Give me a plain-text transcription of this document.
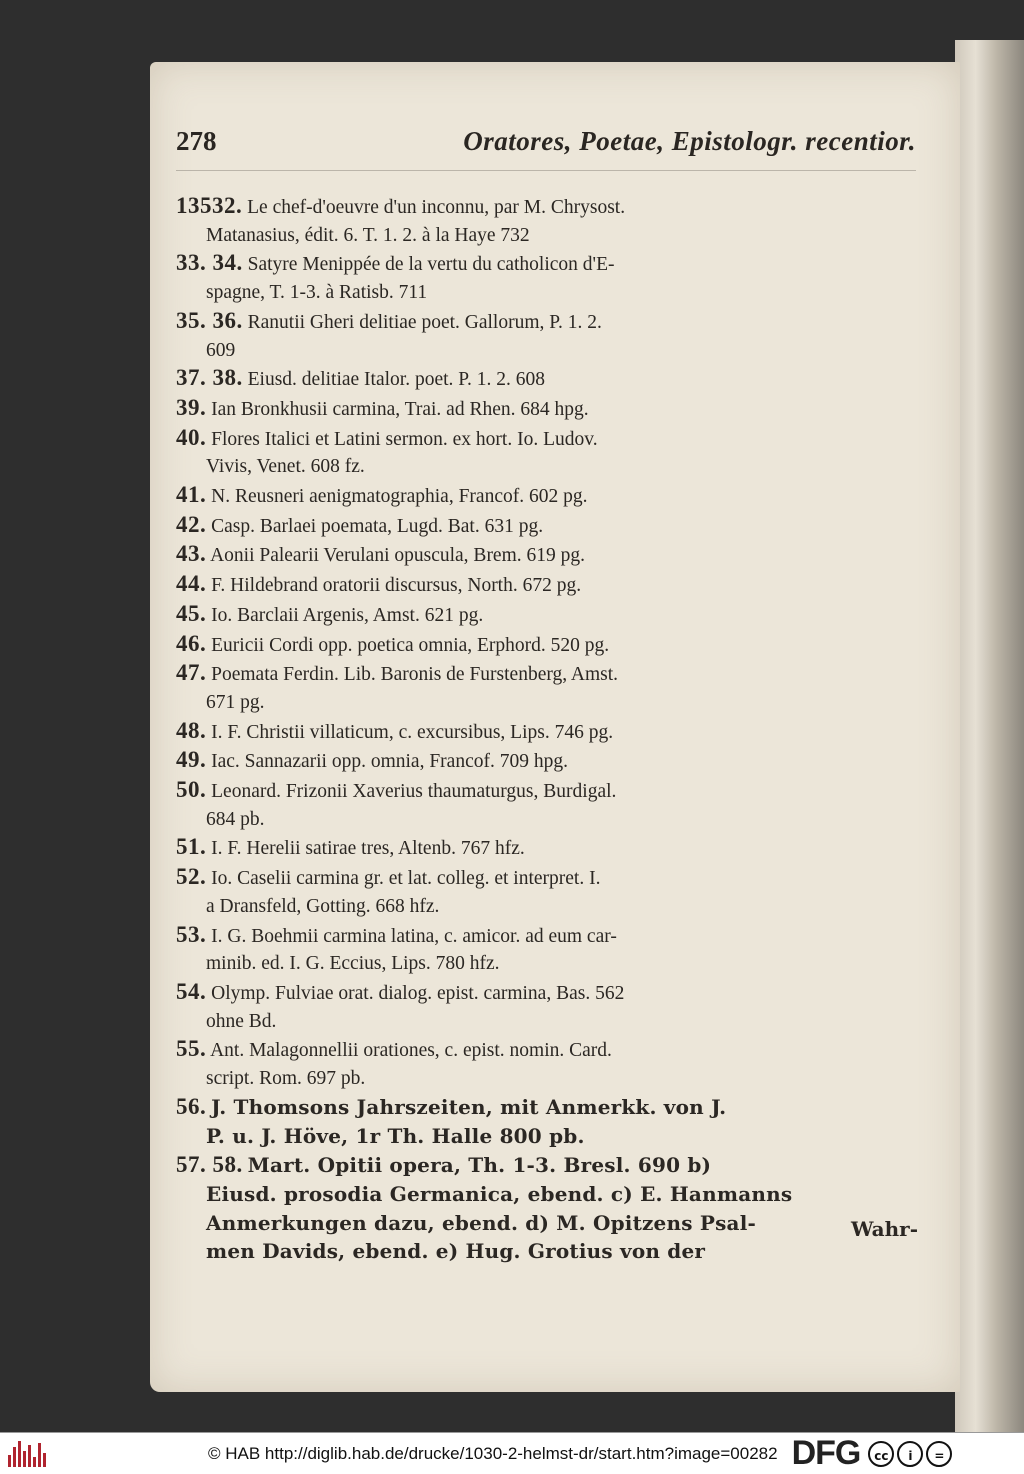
278	Oratores, Poetae, Epistologr. recentior.
13532. Le chef-d'oeuvre d'un inconnu, par M. Chrysost.
Matanasius, édit. 6. T. 1. 2. à la Haye 732
33. 34. Satyre Menippée de la vertu du catholicon d'E-
spagne, T. 1-3. à Ratisb. 711
35. 36. Ranutii Gheri delitiae poet. Gallorum, P. 1. 2.
609
37. 38. Eiusd. delitiae Italor. poet. P. 1. 2. 608
39. Ian Bronkhusii carmina, Trai. ad Rhen. 684 hpg.
40. Flores Italici et Latini sermon. ex hort. Io. Ludov.
Vivis, Venet. 608 fz.
41. N. Reusneri aenigmatographia, Francof. 602 pg.
42. Casp. Barlaei poemata, Lugd. Bat. 631 pg.
43. Aonii Palearii Verulani opuscula, Brem. 619 pg.
44. F. Hildebrand oratorii discursus, North. 672 pg.
45. Io. Barclaii Argenis, Amst. 621 pg.
46. Euricii Cordi opp. poetica omnia, Erphord. 520 pg.
47. Poemata Ferdin. Lib. Baronis de Furstenberg, Amst.
671 pg.
48. I. F. Christii villaticum, c. excursibus, Lips. 746 pg.
49. Iac. Sannazarii opp. omnia, Francof. 709 hpg.
50. Leonard. Frizonii Xaverius thaumaturgus, Burdigal.
684 pb.
51. I. F. Herelii satirae tres, Altenb. 767 hfz.
52. Io. Caselii carmina gr. et lat. colleg. et interpret. I.
a Dransfeld, Gotting. 668 hfz.
53. I. G. Boehmii carmina latina, c. amicor. ad eum car-
minib. ed. I. G. Eccius, Lips. 780 hfz.
54. Olymp. Fulviae orat. dialog. epist. carmina, Bas. 562
ohne Bd.
55. Ant. Malagonnellii orationes, c. epist. nomin. Card.
script. Rom. 697 pb.
56. J. Thomsons Jahrszeiten, mit Anmerkk. von J.
P. u. J. Höve, 1r Th. Halle 800 pb.
57. 58. Mart. Opitii opera, Th. 1-3. Bresl. 690 b)
Eiusd. prosodia Germanica, ebend. c) E. Hanmanns
Anmerkungen dazu, ebend. d) M. Opitzens Psal-
men Davids, ebend. e) Hug. Grotius von der
Wahr-
© HAB http://diglib.hab.de/drucke/1030-2-helmst-dr/start.htm?image=00282 DFG	cc	i	=
